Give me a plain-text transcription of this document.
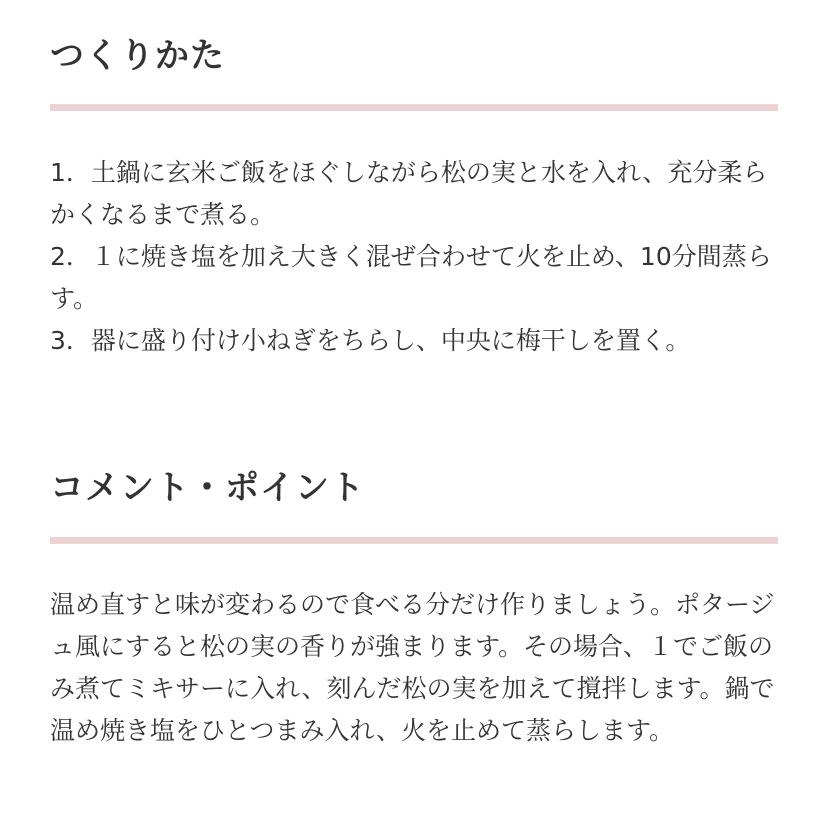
つくりかた
1．土鍋に玄米ご飯をほぐしながら松の実と水を入れ、充分柔らかくなるまで煮る。
2．１に焼き塩を加え大きく混ぜ合わせて火を止め、10分間蒸らす。
3．器に盛り付け小ねぎをちらし、中央に梅干しを置く。
コメント・ポイント

温め直すと味が変わるので食べる分だけ作りましょう。ポタージュ風にすると松の実の香りが強まります。その場合、１でご飯のみ煮てミキサーに入れ、刻んだ松の実を加えて撹拌します。鍋で温め焼き塩をひとつまみ入れ、火を止めて蒸らします。
